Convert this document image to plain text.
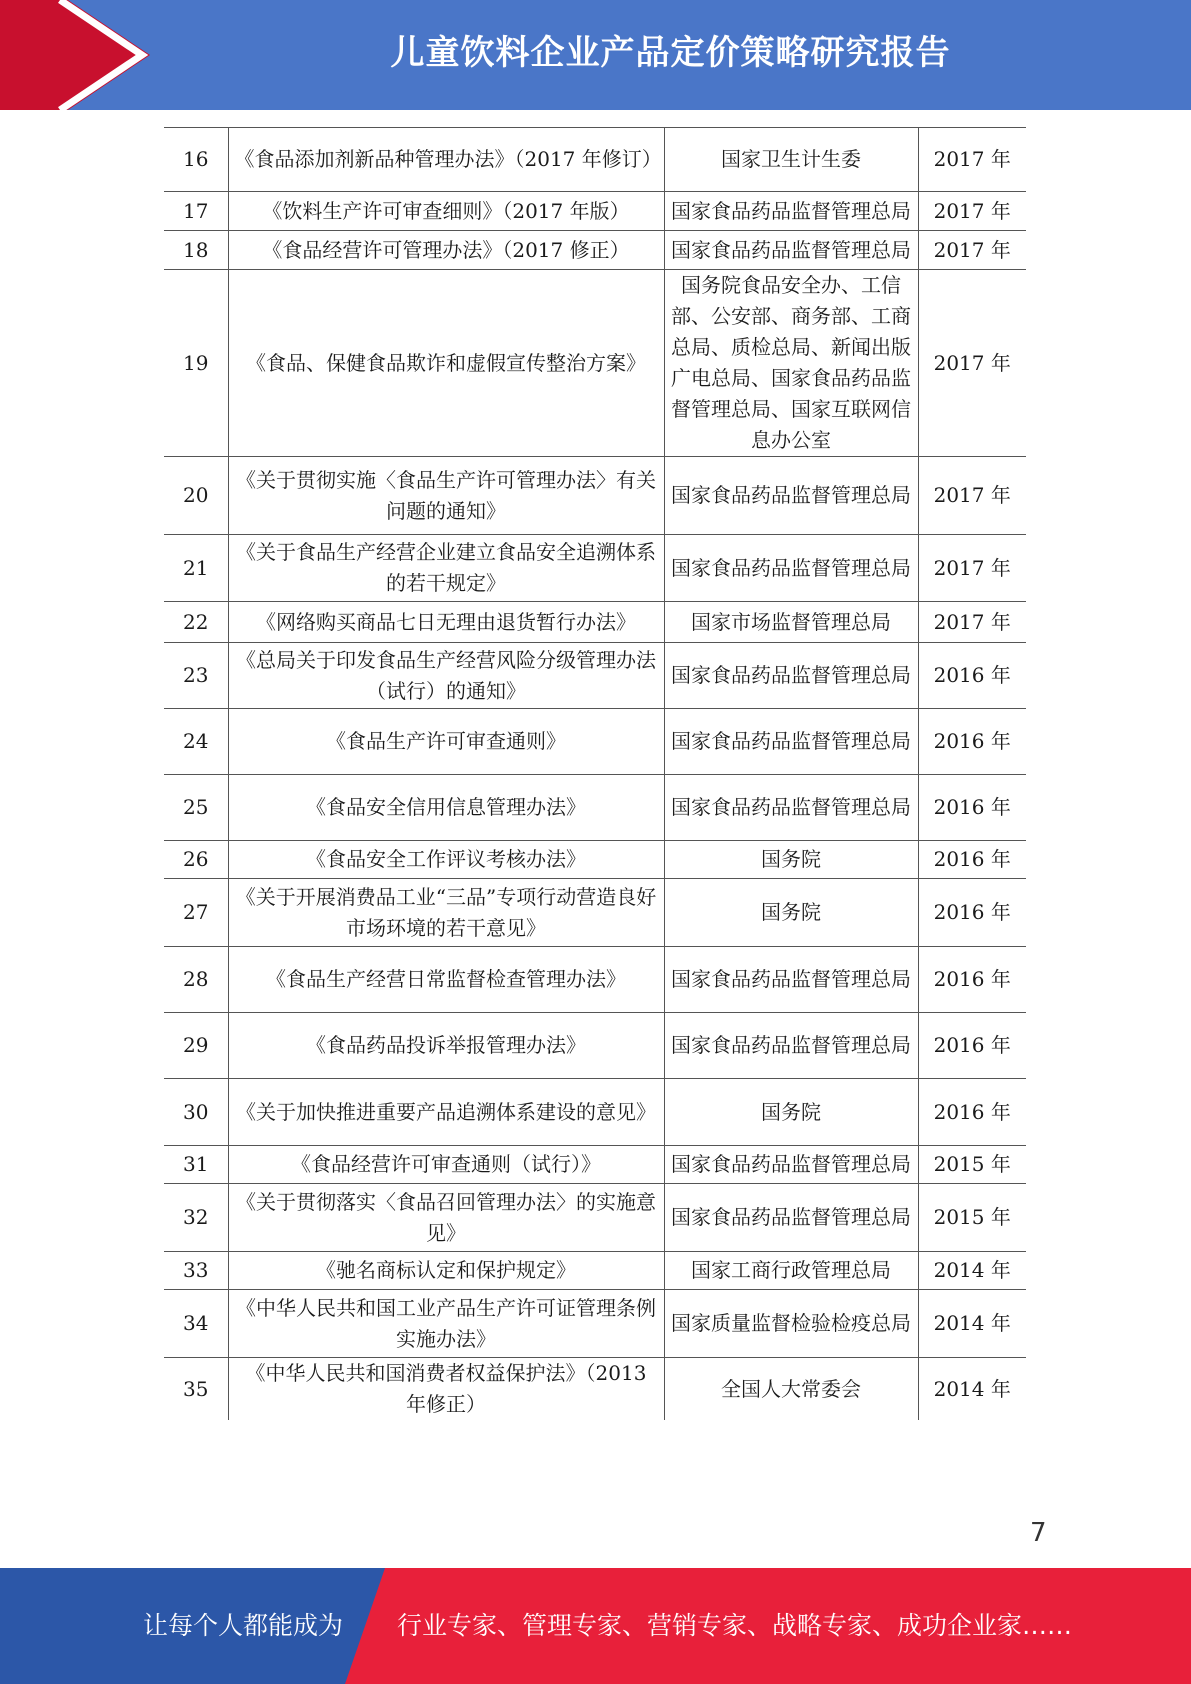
儿童饮料企业产品定价策略研究报告
16	《食品添加剂新品种管理办法》（2017 年修订）	国家卫生计生委	2017 年
17	《饮料生产许可审查细则》（2017 年版）	国家食品药品监督管理总局	2017 年
18	《食品经营许可管理办法》（2017 修正）	国家食品药品监督管理总局	2017 年
19	《食品、保健食品欺诈和虚假宣传整治方案》	国务院食品安全办、工信部、公安部、商务部、工商总局、质检总局、新闻出版广电总局、国家食品药品监督管理总局、国家互联网信息办公室	2017 年
20	《关于贯彻实施〈食品生产许可管理办法〉有关问题的通知》	国家食品药品监督管理总局	2017 年
21	《关于食品生产经营企业建立食品安全追溯体系的若干规定》	国家食品药品监督管理总局	2017 年
22	《网络购买商品七日无理由退货暂行办法》	国家市场监督管理总局	2017 年
23	《总局关于印发食品生产经营风险分级管理办法（试行）的通知》	国家食品药品监督管理总局	2016 年
24	《食品生产许可审查通则》	国家食品药品监督管理总局	2016 年
25	《食品安全信用信息管理办法》	国家食品药品监督管理总局	2016 年
26	《食品安全工作评议考核办法》	国务院	2016 年
27	《关于开展消费品工业“三品”专项行动营造良好市场环境的若干意见》	国务院	2016 年
28	《食品生产经营日常监督检查管理办法》	国家食品药品监督管理总局	2016 年
29	《食品药品投诉举报管理办法》	国家食品药品监督管理总局	2016 年
30	《关于加快推进重要产品追溯体系建设的意见》	国务院	2016 年
31	《食品经营许可审查通则（试行）》	国家食品药品监督管理总局	2015 年
32	《关于贯彻落实〈食品召回管理办法〉的实施意见》	国家食品药品监督管理总局	2015 年
33	《驰名商标认定和保护规定》	国家工商行政管理总局	2014 年
34	《中华人民共和国工业产品生产许可证管理条例实施办法》	国家质量监督检验检疫总局	2014 年
35	《中华人民共和国消费者权益保护法》（2013 年修正）	全国人大常委会	2014 年
7
让每个人都能成为 行业专家、管理专家、营销专家、战略专家、成功企业家……
